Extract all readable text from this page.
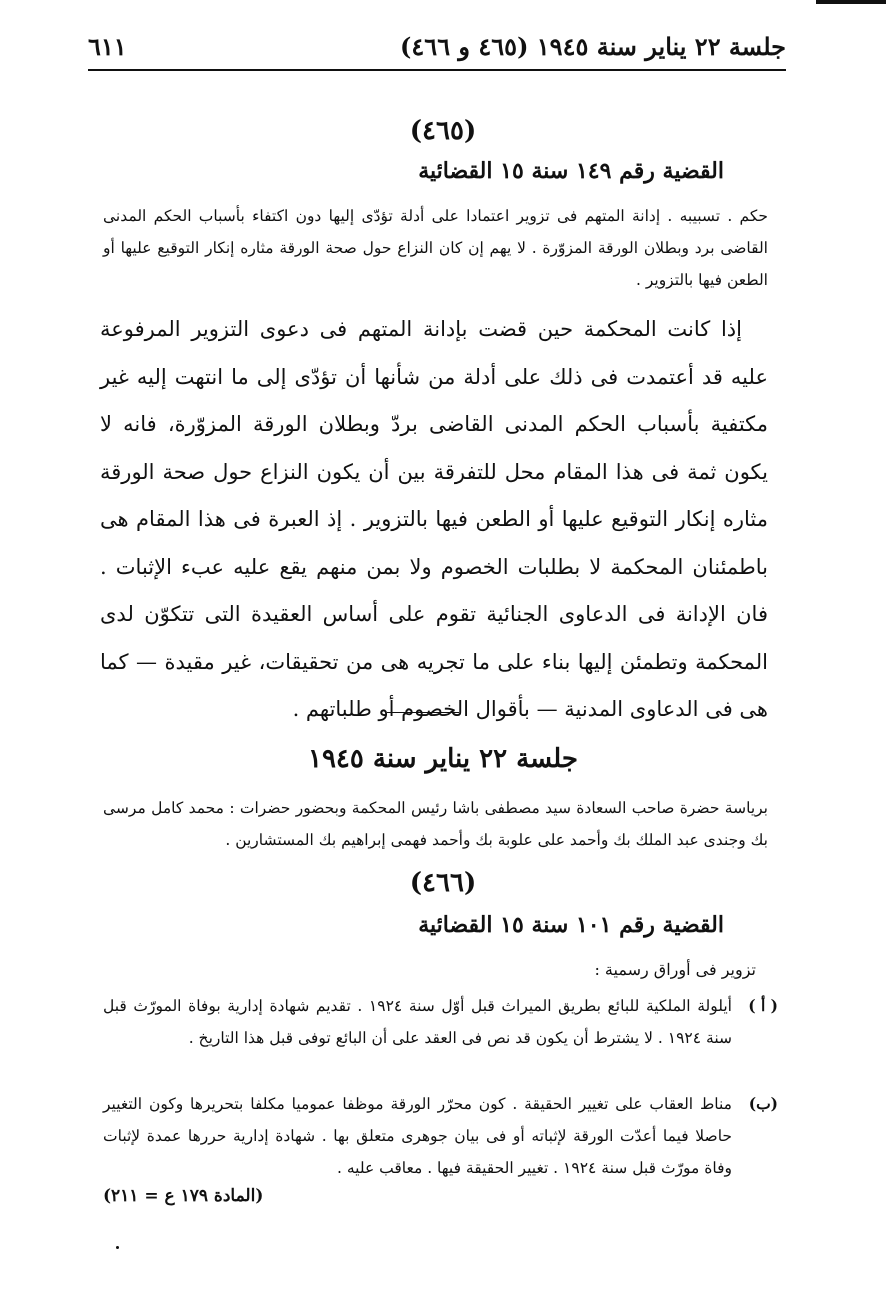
جلسة ٢٢ يناير سنة ١٩٤٥ (٤٦٥ و ٤٦٦)
٦١١
(٤٦٥)
القضية رقم ١٤٩ سنة ١٥ القضائية
حكم . تسبيبه . إدانة المتهم فى تزوير اعتمادا على أدلة تؤدّى إليها دون اكتفاء بأسباب الحكم المدنى القاضى برد وبطلان الورقة المزوّرة . لا يهم إن كان النزاع حول صحة الورقة مثاره إنكار التوقيع عليها أو الطعن فيها بالتزوير .
إذا كانت المحكمة حين قضت بإدانة المتهم فى دعوى التزوير المرفوعة عليه قد أعتمدت فى ذلك على أدلة من شأنها أن تؤدّى إلى ما انتهت إليه غير مكتفية بأسباب الحكم المدنى القاضى بردّ وبطلان الورقة المزوّرة، فانه لا يكون ثمة فى هذا المقام محل للتفرقة بين أن يكون النزاع حول صحة الورقة مثاره إنكار التوقيع عليها أو الطعن فيها بالتزوير . إذ العبرة فى هذا المقام هى باطمئنان المحكمة لا بطلبات الخصوم ولا بمن منهم يقع عليه عبء الإثبات . فان الإدانة فى الدعاوى الجنائية تقوم على أساس العقيدة التى تتكوّن لدى المحكمة وتطمئن إليها بناء على ما تجريه هى من تحقيقات، غير مقيدة — كما هى فى الدعاوى المدنية — بأقوال الخصوم أو طلباتهم .
جلسة ٢٢ يناير سنة ١٩٤٥
برياسة حضرة صاحب السعادة سيد مصطفى باشا رئيس المحكمة وبحضور حضرات : محمد كامل مرسى بك وجندى عبد الملك بك وأحمد على علوبة بك وأحمد فهمى إبراهيم بك المستشارين .
(٤٦٦)
القضية رقم ١٠١ سنة ١٥ القضائية
تزوير فى أوراق رسمية :
( أ )
أيلولة الملكية للبائع بطريق الميراث قبل أوّل سنة ١٩٢٤ . تقديم شهادة إدارية بوفاة المورّث قبل سنة ١٩٢٤ . لا يشترط أن يكون قد نص فى العقد على أن البائع توفى قبل هذا التاريخ .
(ب)
مناط العقاب على تغيير الحقيقة . كون محرّر الورقة موظفا عموميا مكلفا بتحريرها وكون التغيير حاصلا فيما أعدّت الورقة لإثباته أو فى بيان جوهرى متعلق بها . شهادة إدارية حررها عمدة لإثبات وفاة مورّث قبل سنة ١٩٢٤ . تغيير الحقيقة فيها . معاقب عليه .
(المادة ١٧٩ ع = ٢١١)
